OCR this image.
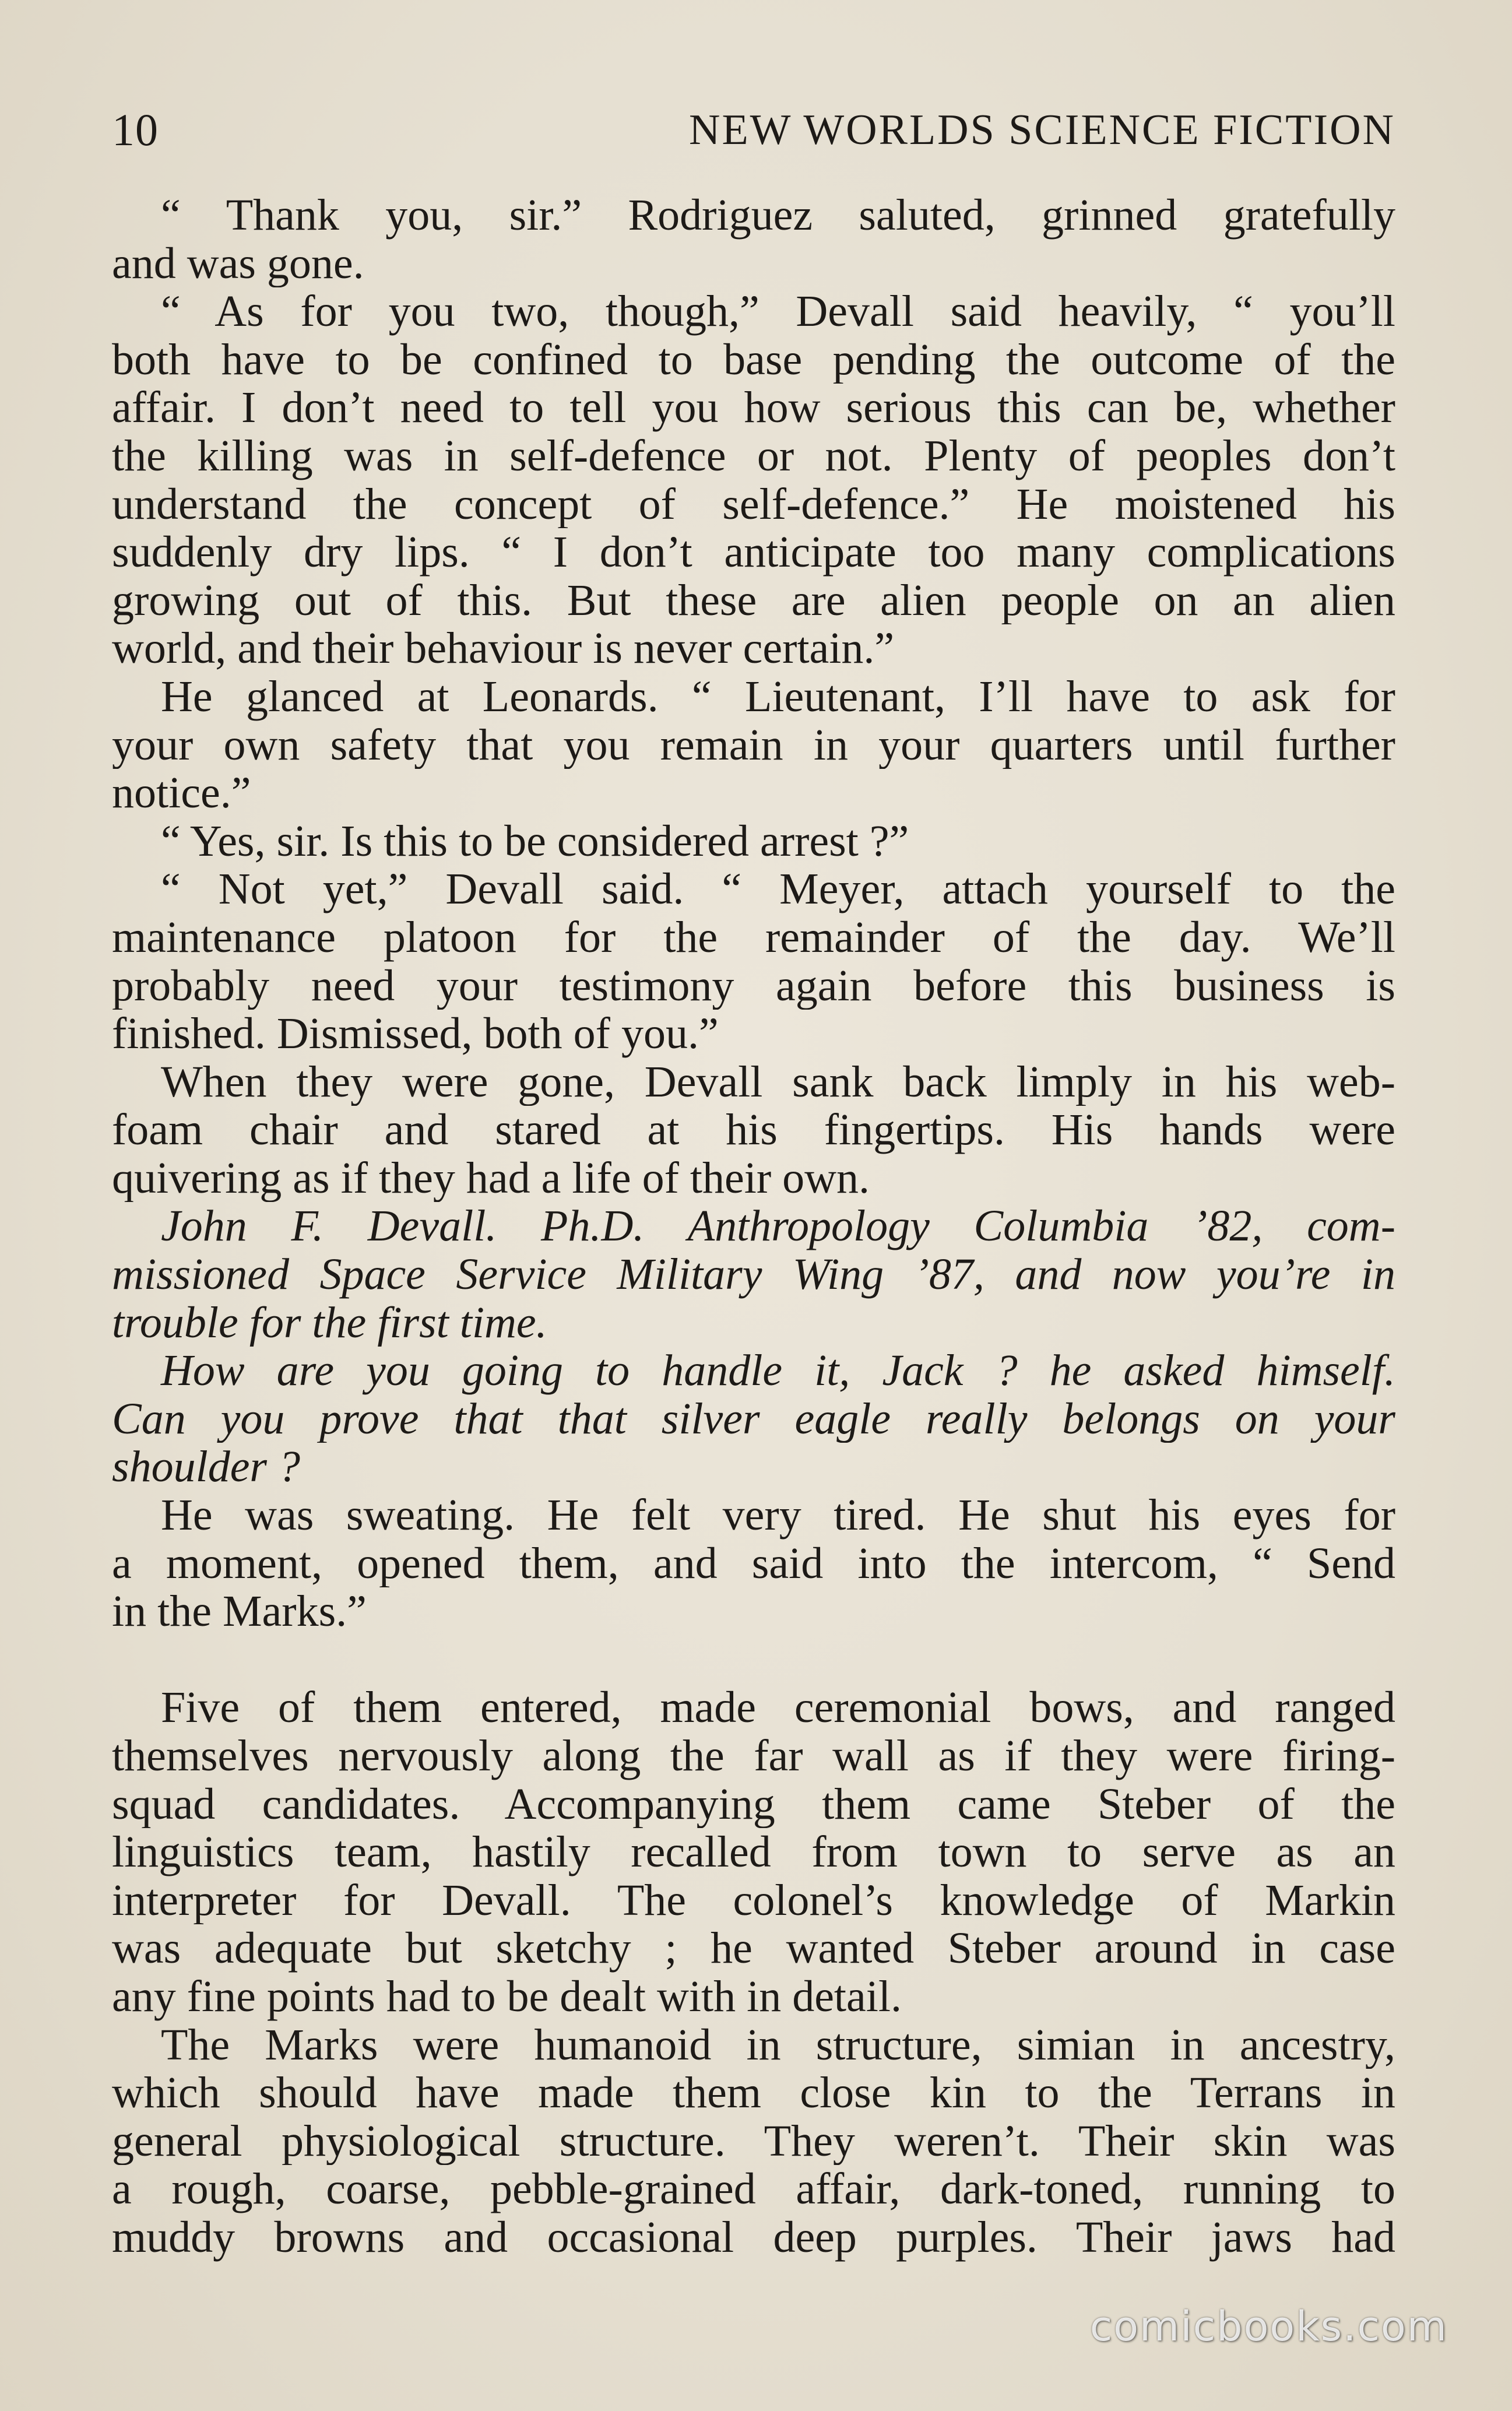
10	NEW WORLDS SCIENCE FICTION
“ Thank you, sir.” Rodriguez saluted, grinned gratefully
and was gone.
“ As for you two, though,” Devall said heavily, “ you’ll
both have to be confined to base pending the outcome of the
affair. I don’t need to tell you how serious this can be, whether
the killing was in self-defence or not. Plenty of peoples don’t
understand the concept of self-defence.” He moistened his
suddenly dry lips. “ I don’t anticipate too many complications
growing out of this. But these are alien people on an alien
world, and their behaviour is never certain.”
He glanced at Leonards. “ Lieutenant, I’ll have to ask for
your own safety that you remain in your quarters until further
notice.”
“ Yes, sir. Is this to be considered arrest ?”
“ Not yet,” Devall said. “ Meyer, attach yourself to the
maintenance platoon for the remainder of the day. We’ll
probably need your testimony again before this business is
finished. Dismissed, both of you.”
When they were gone, Devall sank back limply in his web-
foam chair and stared at his fingertips. His hands were
quivering as if they had a life of their own.
John F. Devall. Ph.D. Anthropology Columbia ’82, com-
missioned Space Service Military Wing ’87, and now you’re in
trouble for the first time.
How are you going to handle it, Jack ? he asked himself.
Can you prove that that silver eagle really belongs on your
shoulder ?
He was sweating. He felt very tired. He shut his eyes for
a moment, opened them, and said into the intercom, “ Send
in the Marks.”
Five of them entered, made ceremonial bows, and ranged
themselves nervously along the far wall as if they were firing-
squad candidates. Accompanying them came Steber of the
linguistics team, hastily recalled from town to serve as an
interpreter for Devall. The colonel’s knowledge of Markin
was adequate but sketchy ; he wanted Steber around in case
any fine points had to be dealt with in detail.
The Marks were humanoid in structure, simian in ancestry,
which should have made them close kin to the Terrans in
general physiological structure. They weren’t. Their skin was
a rough, coarse, pebble-grained affair, dark-toned, running to
muddy browns and occasional deep purples. Their jaws had
comicbooks.com
